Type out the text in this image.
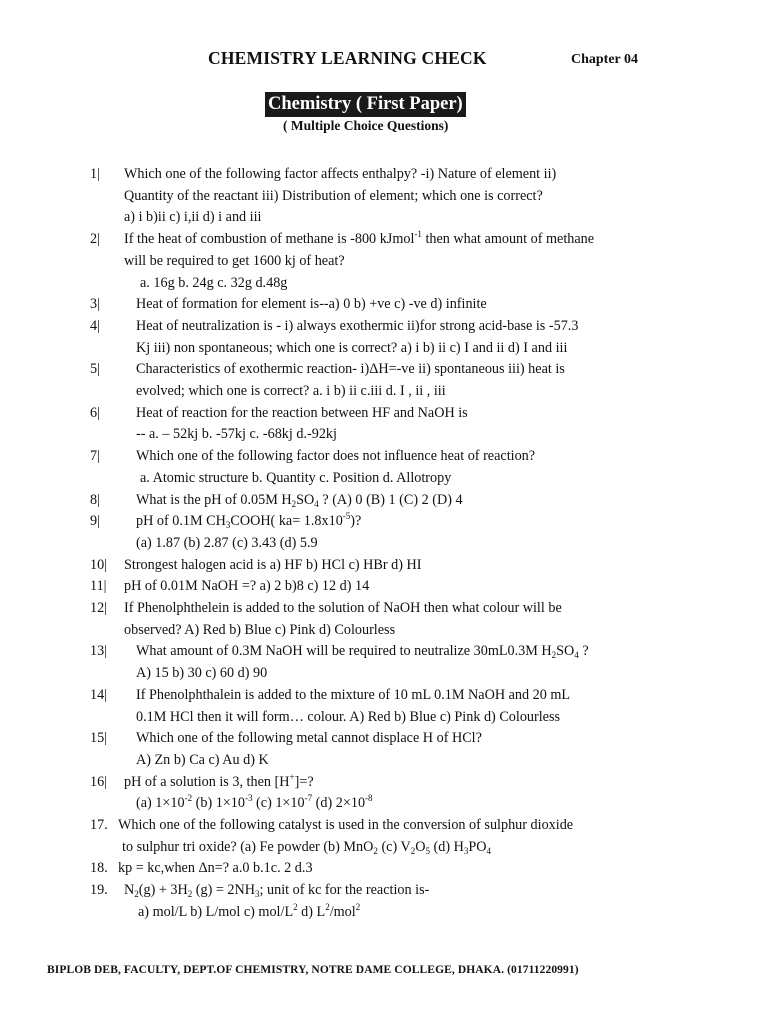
CHEMISTRY LEARNING CHECK	Chapter 04
Chemistry ( First Paper)
( Multiple Choice Questions)
1| Which one of the following factor affects enthalpy? -i) Nature of element ii)
Quantity of the reactant iii) Distribution of element; which one is correct?
a) i b)ii c) i,ii d) i and iii
2| If the heat of combustion of methane is -800 kJmol$^{-1}$ then what amount of methane
will be required to get 1600 kj of heat?
a. 16g b. 24g c. 32g d.48g
3|	Heat of formation for element is--a) 0 b) +ve c) -ve d) infinite
4|	Heat of neutralization is - i) always exothermic ii)for strong acid-base is -57.3
Kj iii) non spontaneous; which one is correct? a) i b) ii c) I and ii d) I and iii
5|	Characteristics of exothermic reaction- i)ΔH=-ve ii) spontaneous iii) heat is
evolved; which one is correct? a. i b) ii c.iii d. I , ii , iii
6|	Heat of reaction for the reaction between HF and NaOH is
-- a. – 52kj b. -57kj c. -68kj d.-92kj
7|	Which one of the following factor does not influence heat of reaction?
a. Atomic structure b. Quantity c. Position d. Allotropy
8|	What is the pH of 0.05M $H_2SO_4$ ? (A) 0 (B) 1 (C) 2 (D) 4
9|	pH of 0.1M $CH_3COOH$( $ka= 1.8x10^{-5}$)?
(a) 1.87 (b) 2.87 (c) 3.43 (d) 5.9
10| Strongest halogen acid is a) HF b) HCl c) HBr d) HI
11| pH of 0.01M NaOH =? a) 2 b)8 c) 12 d) 14
12| If Phenolphthelein is added to the solution of NaOH then what colour will be
observed? A) Red b) Blue c) Pink d) Colourless
13| What amount of 0.3M NaOH will be required to neutralize 30mL0.3M $H_2SO_4$ ?
A) 15 b) 30 c) 60 d) 90
14| If Phenolphthalein is added to the mixture of 10 mL 0.1M NaOH and 20 mL
0.1M HCl then it will form… colour. A) Red b) Blue c) Pink d) Colourless
15| Which one of the following metal cannot displace H of HCl?
A) Zn b) Ca c) Au d) K
16| pH of a solution is 3, then [H+]=?
(a) $1\times 10^{-2}$ (b) $1\times 10^{-3}$ (c) $1\times 10^{-7}$ (d) $2\times 10^{-8}$
17. Which one of the following catalyst is used in the conversion of sulphur dioxide
to sulphur tri oxide? (a) Fe powder (b) MnO$_2$ (c) $V_2O_5$ (d) $H_3PO_4$
18. kp = kc,when Δn=? a.0 b.1c. 2 d.3
19. $N_2(g) + 3H_2$ $(g) = 2NH_3$; unit of kc for the reaction is-
a) mol/L b) L/mol c) mol/$L^2$ d) $L^2/mol^2$
BIPLOB DEB, FACULTY, DEPT.OF CHEMISTRY, NOTRE DAME COLLEGE, DHAKA. (01711220991)
